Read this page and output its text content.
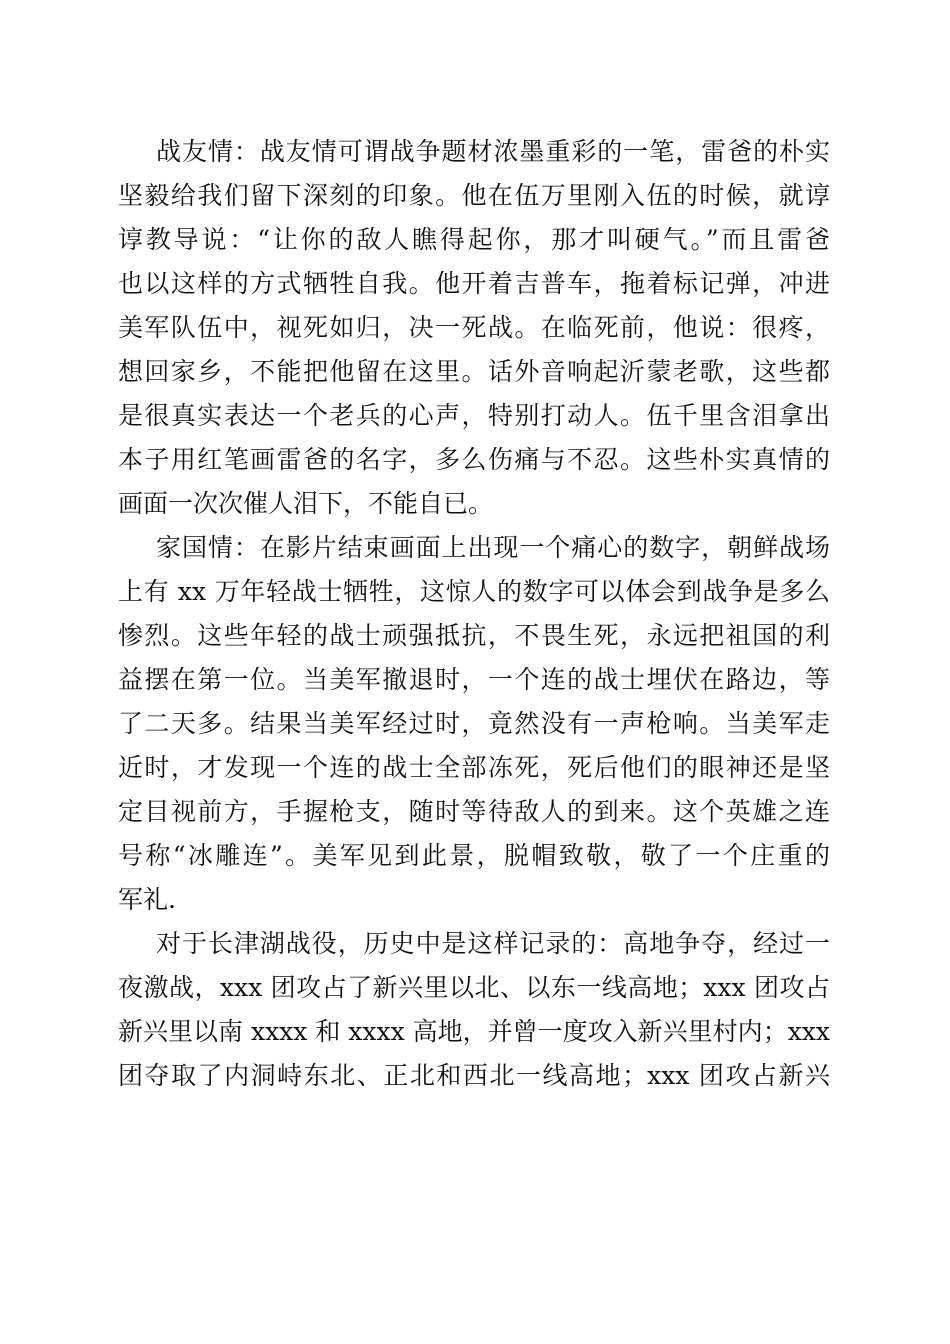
战友情：战友情可谓战争题材浓墨重彩的一笔，雷爸的朴实
坚毅给我们留下深刻的印象。他在伍万里刚入伍的时候，就谆
谆教导说：“让你的敌人瞧得起你，那才叫硬气。”而且雷爸
也以这样的方式牺牲自我。他开着吉普车，拖着标记弹，冲进
美军队伍中，视死如归，决一死战。在临死前，他说：很疼，
想回家乡，不能把他留在这里。话外音响起沂蒙老歌，这些都
是很真实表达一个老兵的心声，特别打动人。伍千里含泪拿出
本子用红笔画雷爸的名字，多么伤痛与不忍。这些朴实真情的
画面一次次催人泪下，不能自已。
家国情：在影片结束画面上出现一个痛心的数字，朝鲜战场
上有 xx 万年轻战士牺牲，这惊人的数字可以体会到战争是多么
惨烈。这些年轻的战士顽强抵抗，不畏生死，永远把祖国的利
益摆在第一位。当美军撤退时，一个连的战士埋伏在路边，等
了二天多。结果当美军经过时，竟然没有一声枪响。当美军走
近时，才发现一个连的战士全部冻死，死后他们的眼神还是坚
定目视前方，手握枪支，随时等待敌人的到来。这个英雄之连
号称“冰雕连”。美军见到此景，脱帽致敬，敬了一个庄重的
军礼.
对于长津湖战役，历史中是这样记录的：高地争夺，经过一
夜激战，xxx 团攻占了新兴里以北、以东一线高地；xxx 团攻占
新兴里以南 xxxx 和 xxxx 高地，并曾一度攻入新兴里村内；xxx
团夺取了内洞峙东北、正北和西北一线高地；xxx 团攻占新兴
